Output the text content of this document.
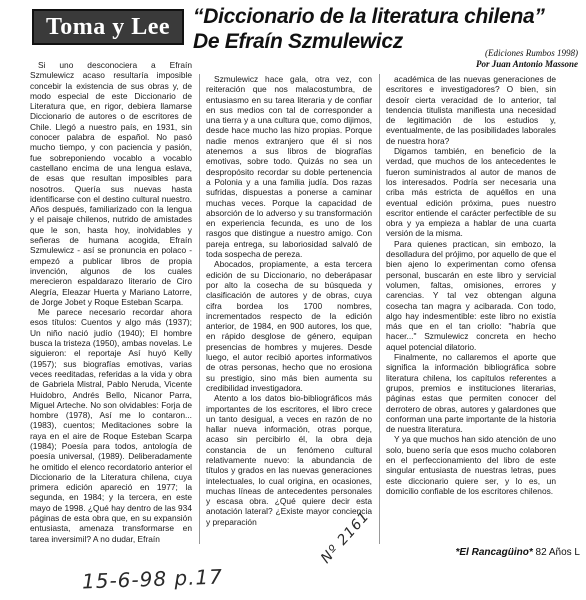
Toma y Lee	“Diccionario de la literatura chilena”
De Efraín Szmulewicz	(Ediciones Rumbos 1998)
Por Juan Antonio Massone

Si uno desconociera a Efraín Szmulewicz acaso resultaría imposible concebir la existencia de sus obras y, de modo especial de este Diccionario de Literatura que, en rigor, debiera llamarse Diccionario de autores o de escritores de Chile. Llegó a nuestro país, en 1931, sin conocer palabra de español. No pasó mucho tiempo, y con paciencia y pasión, fue sobreponiendo vocablo a vocablo castellano encima de una lengua eslava, de esas que resultan imposibles para nosotros. Quería sus nuevas hasta identificarse con el destino cultural nuestro. Años después, familiarizado con la lengua y el paisaje chilenos, nutrido de amistades que le son, hasta hoy, inolvidables y señeras de humana acogida, Efraín Szmulewicz - así se pronuncia en polaco - empezó a publicar libros de propia invención, algunos de los cuales merecieron espaldarazo literario de Ciro Alegría, Eleazar Huerta y Mariano Latorre, de Jorge Jobet y Roque Esteban Scarpa.

Me parece necesario recordar ahora esos títulos: Cuentos y algo más (1937); Un niño nació judío (1940); El hombre busca la tristeza (1950), ambas novelas. Le siguieron: el reportaje Así huyó Kelly (1957); sus biografías emotivas, varias veces reeditadas, referidas a la vida y obra de Gabriela Mistral, Pablo Neruda, Vicente Huidobro, Andrés Bello, Nicanor Parra, Miguel Arteche. No son olvidables: Forja de hombre (1978), Así me lo contaron...(1983), cuentos; Meditaciones sobre la raya en el aire de Roque Esteban Scarpa (1984); Poesía para todos, antología de poesía universal, (1989). Deliberadamente he omitido el elenco recordatorio anterior el Diccionario de la Literatura chilena, cuya primera edición apareció en 1977; la segunda, en 1984; y la tercera, en este mayo de 1998. ¿Qué hay dentro de las 934 páginas de esta obra que, en su expansión entusiasta, amenaza transformarse en tarea inversimil? A no dudar, Efraín

Szmulewicz hace gala, otra vez, con reiteración que nos malacostumbra, de entusiasmo en su tarea literaria y de confiar en sus medios con tal de corresponder a una tierra y a una cultura que, como dijimos, desde hace mucho las hizo propias. Porque nadie menos extranjero que él si nos atenemos a sus libros de biografías emotivas, sobre todo. Quizás no sea un despropósito recordar su doble pertenencia a Polonia y a una familia judía. Dos razas sufridas, dispuestas a ponerse a caminar muchas veces. Porque la capacidad de absorción de lo adverso y su transformación en experiencia fecunda, es uno de los rasgos que distingue a nuestro amigo. Con pareja entrega, su laboriosidad salvaló de toda sospecha de pereza.

Abocados, propiamente, a esta tercera edición de su Diccionario, no deberápasar por alto la cosecha de su búsqueda y clasificación de autores y de obras, cuya cifra bordea los 1700 nombres, incrementados respecto de la edición anterior, de 1984, en 900 autores, los que, en rápido desglose de género, equipan presencias de hombres y mujeres. Desde luego, el autor recibió aportes informativos de otras personas, hecho que no erosiona su prestigio, sino más bien aumenta su credibilidad investigadora.

Atento a los datos bio-bibliográficos más importantes de los escritores, el libro crece un tanto desigual, a veces en razón de no hallar nueva información, otras porque, acaso sin percibirlo él, la obra deja constancia de un fenómeno cultural relativamente nuevo: la abundancia de títulos y grados en las nuevas generaciones intelectuales, lo cual origina, en ocasiones, muchas líneas de antecedentes personales y escasa obra. ¿Qué quiere decir esta anotación lateral? ¿Existe mayor conciencia y preparación

académica de las nuevas generaciones de escritores e investigadores? O bien, sin desoír cierta veracidad de lo anterior, tal tendencia titulista manifiesta una necesidad de legitimación de los estudios y, eventualmente, de las posibilidades laborales de nuestra hora?

Digamos también, en beneficio de la verdad, que muchos de los antecedentes le fueron suministrados al autor de manos de los interesados. Podría ser necesaria una criba más estricta de aquéllos en una eventual edición próxima, pues nuestro escritor entiende el carácter perfectible de su obra y ya empieza a hablar de una cuarta versión de la misma.

Para quienes practican, sin embozo, la desolladura del prójimo, por aquello de que el bien ajeno lo experimentan como ofensa personal, buscarán en este libro y servicial volumen, faltas, omisiones, errores y carencias. Y tal vez obtengan alguna cosecha tan magra y acibarada. Con todo, algo hay indesmentible: este libro no existía más que en el tan criollo: "habría que hacer..." Szmulewicz concreta en hecho aquel potencial dilatorio.

Finalmente, no callaremos el aporte que significa la información bibliográfica sobre literatura chilena, los capítulos referentes a grupos, premios e instituciones literarias, páginas estas que permiten conocer del derrotero de obras, autores y galardones que conforman una parte importante de la historia de nuestra literatura.

Y ya que muchos han sido atención de uno solo, bueno sería que esos mucho colaboren en el perfeccionamiento del libro de este singular entusiasta de nuestras letras, pues este diccionario quiere ser, y lo es, un domicilio confiable de los escritores chilenos.

*El Rancagüino* 82 Años L
15-6-98 p.17
Nº 2161
